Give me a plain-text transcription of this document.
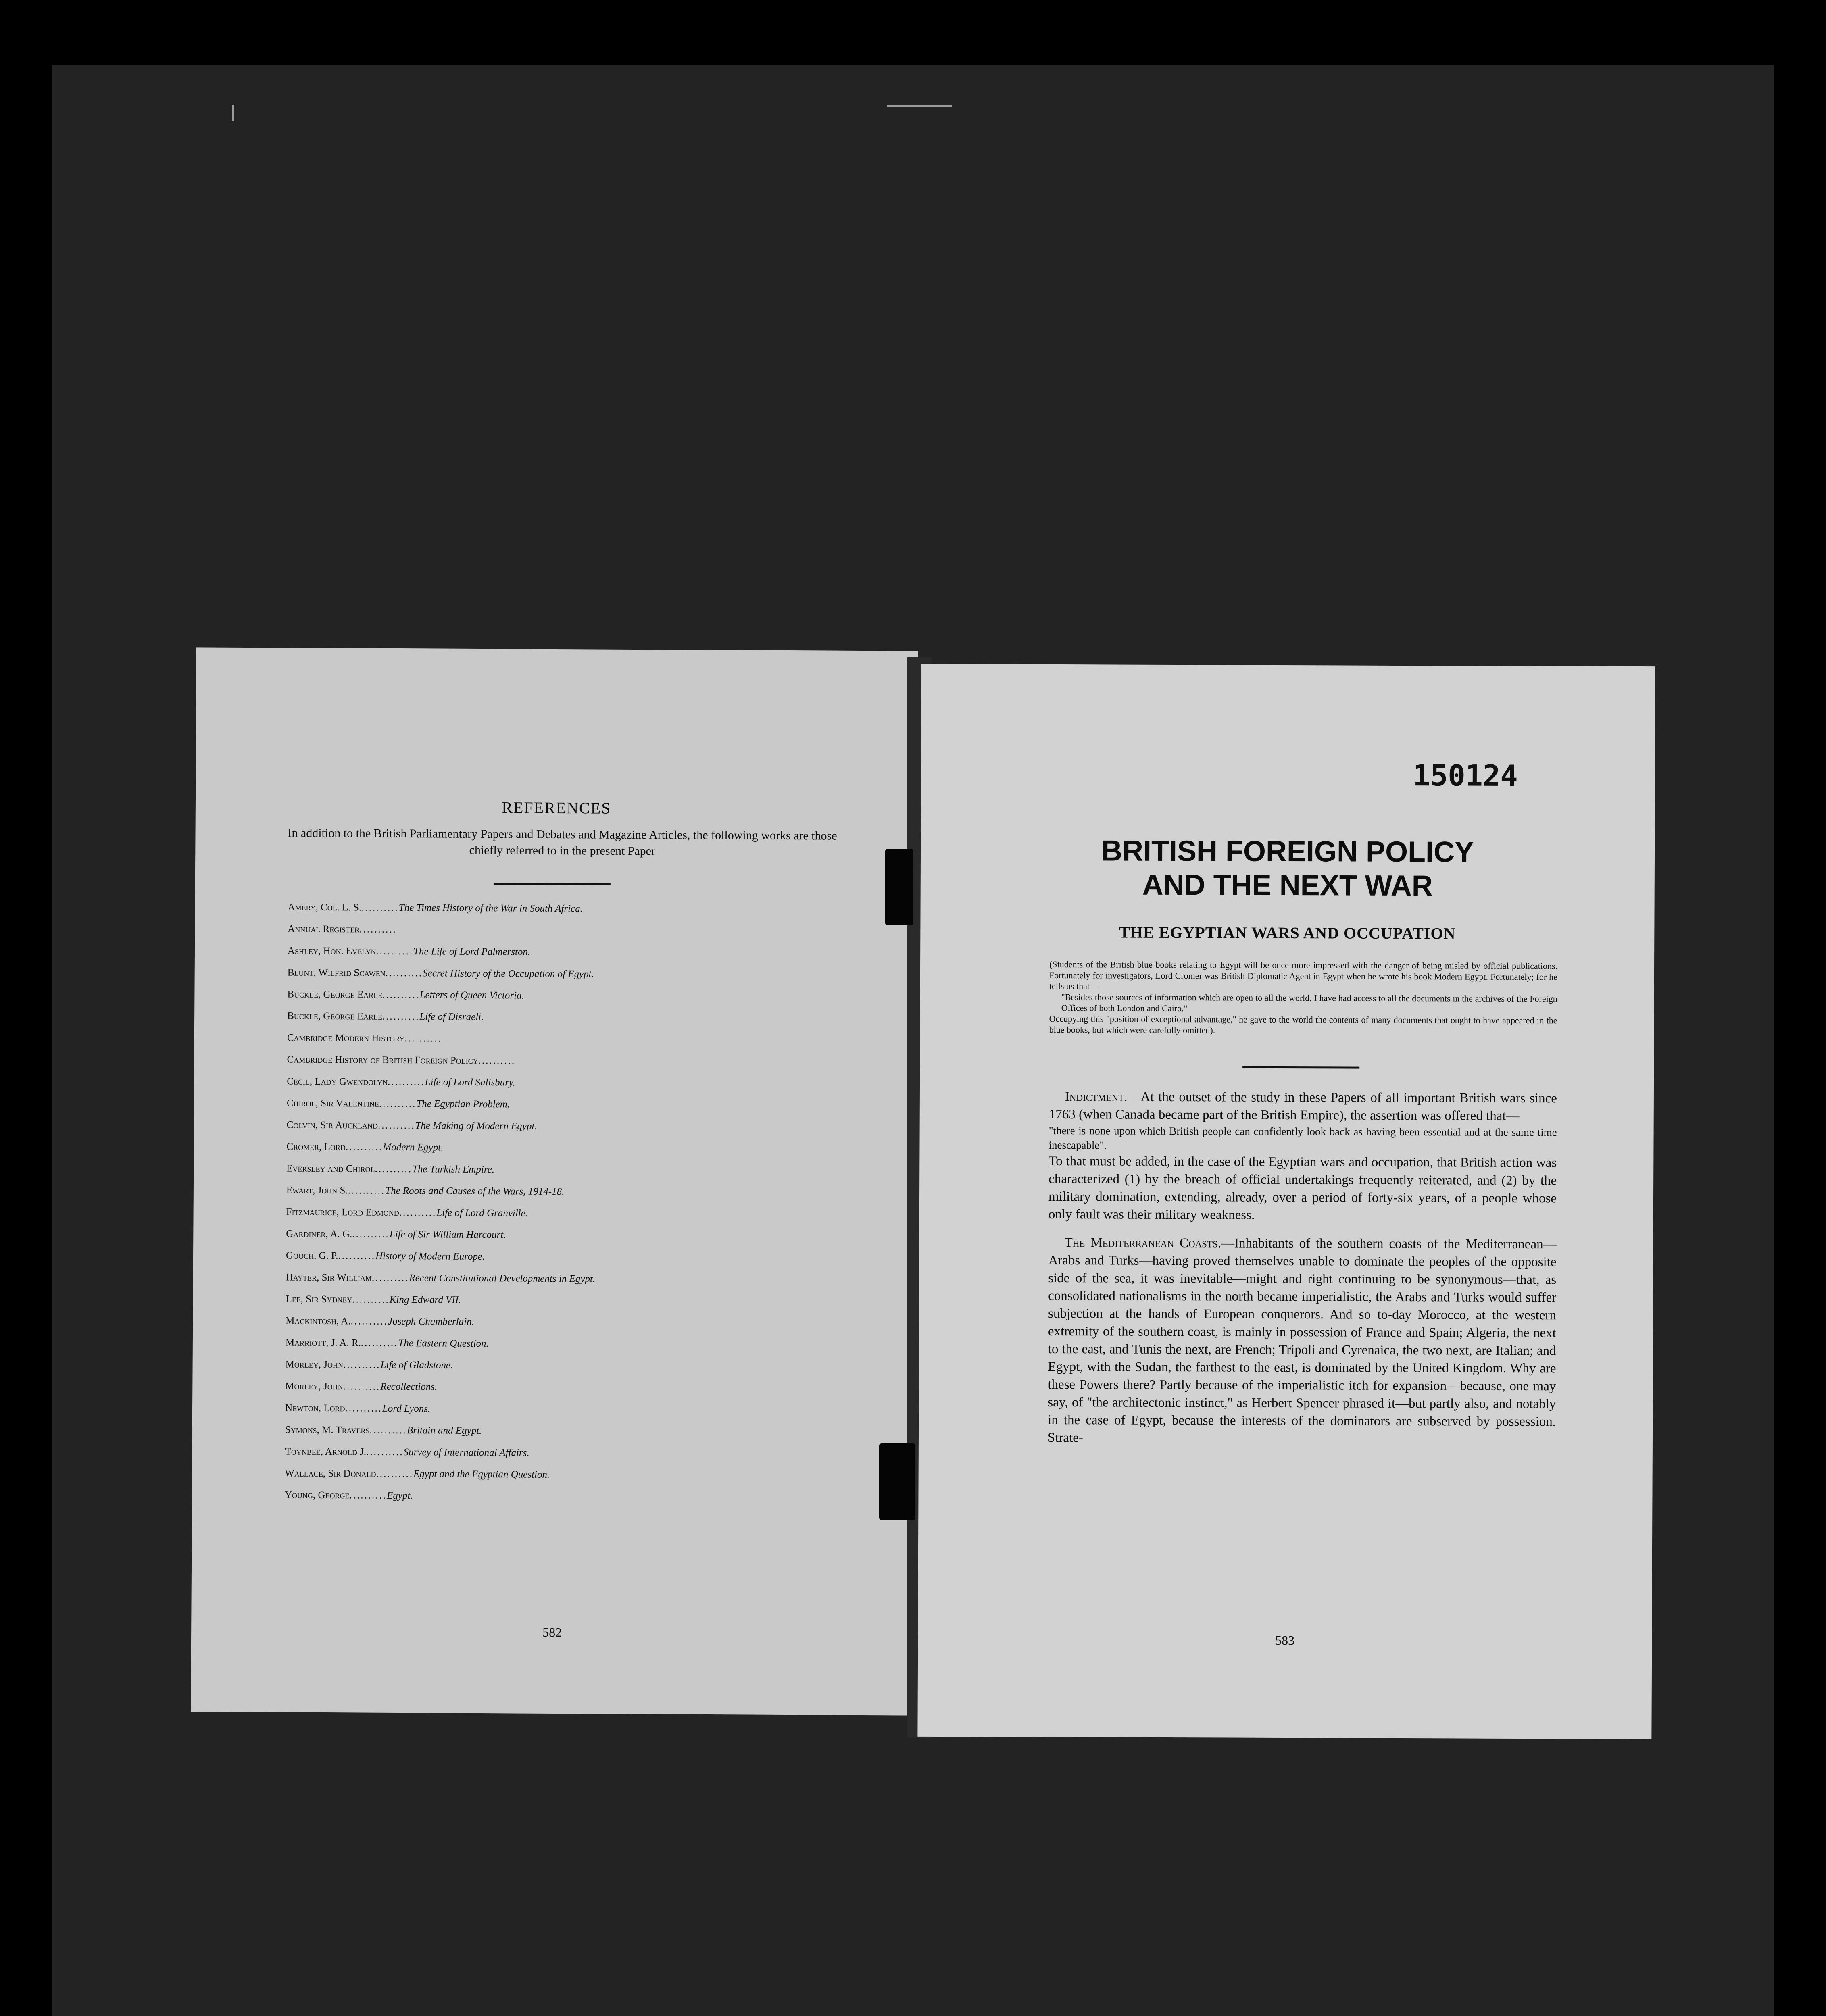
REFERENCES
In addition to the British Parliamentary Papers and Debates and Magazine Articles, the following works are those chiefly referred to in the present Paper
Amery, Col. L. S. .......... The Times History of the War in South Africa.
Annual Register ..........
Ashley, Hon. Evelyn .......... The Life of Lord Palmerston.
Blunt, Wilfrid Scawen .......... Secret History of the Occupation of Egypt.
Buckle, George Earle .......... Letters of Queen Victoria.
Buckle, George Earle .......... Life of Disraeli.
Cambridge Modern History ..........
Cambridge History of British Foreign Policy ..........
Cecil, Lady Gwendolyn .......... Life of Lord Salisbury.
Chirol, Sir Valentine .......... The Egyptian Problem.
Colvin, Sir Auckland .......... The Making of Modern Egypt.
Cromer, Lord .......... Modern Egypt.
Eversley and Chirol .......... The Turkish Empire.
Ewart, John S. .......... The Roots and Causes of the Wars, 1914-18.
Fitzmaurice, Lord Edmond .......... Life of Lord Granville.
Gardiner, A. G. .......... Life of Sir William Harcourt.
Gooch, G. P. .......... History of Modern Europe.
Hayter, Sir William .......... Recent Constitutional Developments in Egypt.
Lee, Sir Sydney .......... King Edward VII.
Mackintosh, A. .......... Joseph Chamberlain.
Marriott, J. A. R. .......... The Eastern Question.
Morley, John .......... Life of Gladstone.
Morley, John .......... Recollections.
Newton, Lord .......... Lord Lyons.
Symons, M. Travers .......... Britain and Egypt.
Toynbee, Arnold J. .......... Survey of International Affairs.
Wallace, Sir Donald .......... Egypt and the Egyptian Question.
Young, George .......... Egypt.
582
150124
BRITISH FOREIGN POLICY
AND THE NEXT WAR
THE EGYPTIAN WARS AND OCCUPATION
(Students of the British blue books relating to Egypt will be once more impressed with the danger of being misled by official publications. Fortunately for investigators, Lord Cromer was British Diplomatic Agent in Egypt when he wrote his book Modern Egypt. Fortunately; for he tells us that—
"Besides those sources of information which are open to all the world, I have had access to all the documents in the archives of the Foreign Offices of both London and Cairo."
Occupying this "position of exceptional advantage," he gave to the world the contents of many documents that ought to have appeared in the blue books, but which were carefully omitted).

Indictment.—At the outset of the study in these Papers of all important British wars since 1763 (when Canada became part of the British Empire), the assertion was offered that—
"there is none upon which British people can confidently look back as having been essential and at the same time inescapable".
To that must be added, in the case of the Egyptian wars and occupation, that British action was characterized (1) by the breach of official undertakings frequently reiterated, and (2) by the military domination, extending, already, over a period of forty-six years, of a people whose only fault was their military weakness.

The Mediterranean Coasts.—Inhabitants of the southern coasts of the Mediterranean—Arabs and Turks—having proved themselves unable to dominate the peoples of the opposite side of the sea, it was inevitable—might and right continuing to be synonymous—that, as consolidated nationalisms in the north became imperialistic, the Arabs and Turks would suffer subjection at the hands of European conquerors. And so to-day Morocco, at the western extremity of the southern coast, is mainly in possession of France and Spain; Algeria, the next to the east, and Tunis the next, are French; Tripoli and Cyrenaica, the two next, are Italian; and Egypt, with the Sudan, the farthest to the east, is dominated by the United Kingdom. Why are these Powers there? Partly because of the imperialistic itch for expansion—because, one may say, of "the architectonic instinct," as Herbert Spencer phrased it—but partly also, and notably in the case of Egypt, because the interests of the dominators are subserved by possession. Strate-

583
